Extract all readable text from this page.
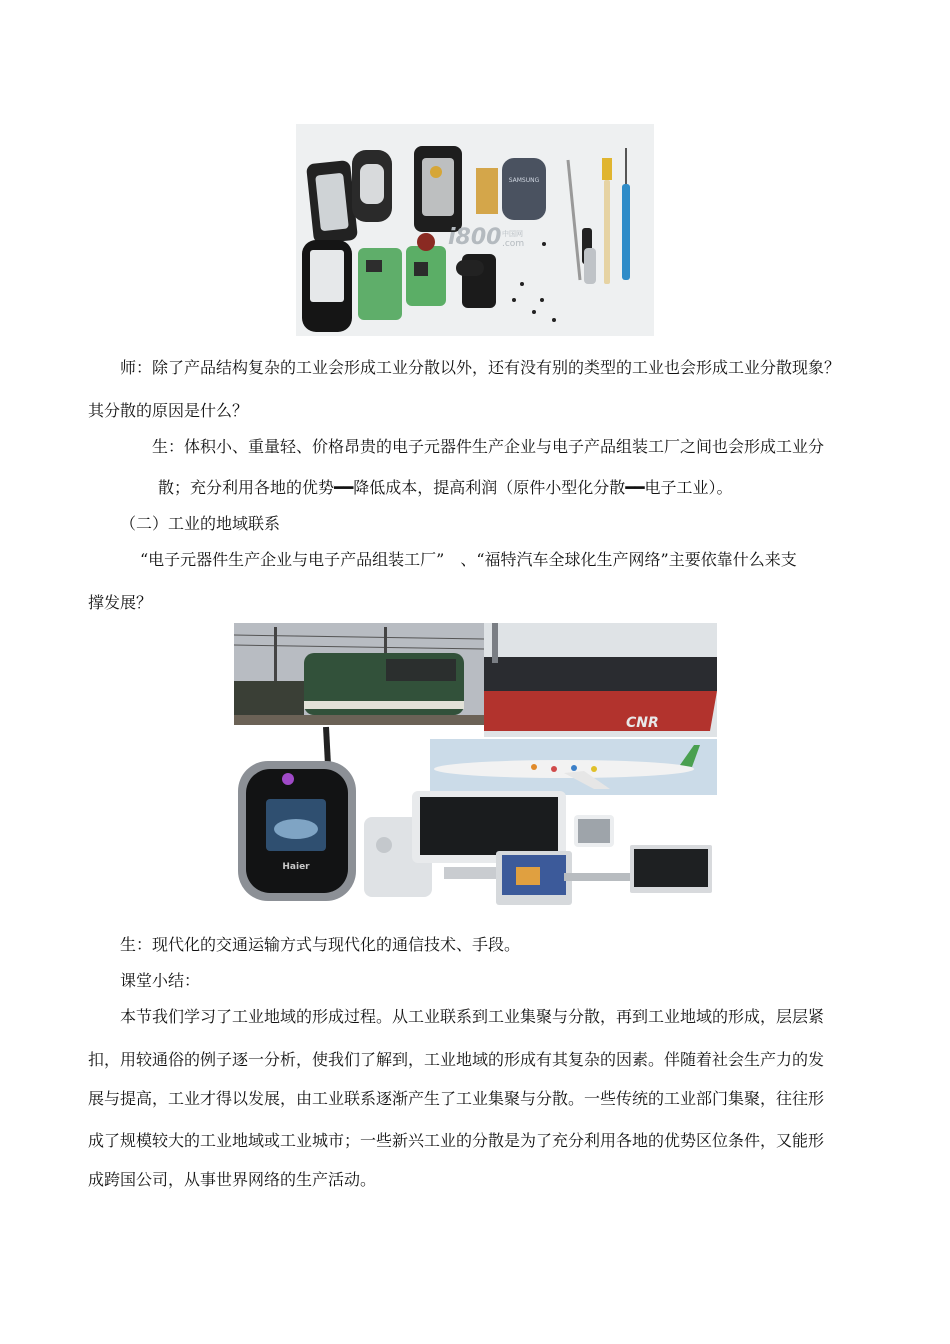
SAMSUNG
i800 .com
中国网
师：除了产品结构复杂的工业会形成工业分散以外，还有没有别的类型的工业也会形成工业分散现象？
其分散的原因是什么？
生：体积小、重量轻、价格昂贵的电子元器件生产企业与电子产品组装工厂之间也会形成工业分
散；充分利用各地的优势━━降低成本，提高利润（原件小型化分散━━电子工业）。
（二）工业的地域联系
“电子元器件生产企业与电子产品组装工厂”　、“福特汽车全球化生产网络”主要依靠什么来支
撑发展？
CNR
Haier
生：现代化的交通运输方式与现代化的通信技术、手段。
课堂小结：
本节我们学习了工业地域的形成过程。从工业联系到工业集聚与分散，再到工业地域的形成，层层紧
扣，用较通俗的例子逐一分析，使我们了解到，工业地域的形成有其复杂的因素。伴随着社会生产力的发
展与提高，工业才得以发展，由工业联系逐渐产生了工业集聚与分散。一些传统的工业部门集聚，往往形
成了规模较大的工业地域或工业城市；一些新兴工业的分散是为了充分利用各地的优势区位条件，又能形
成跨国公司，从事世界网络的生产活动。
